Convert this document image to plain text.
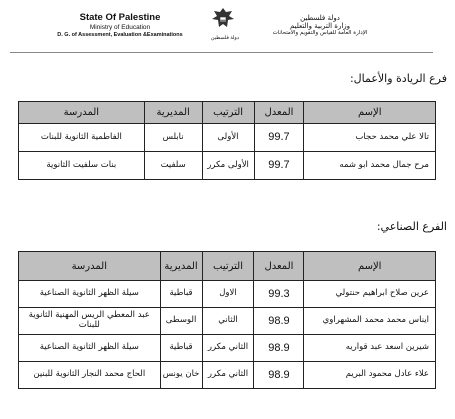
State Of Palestine
Ministry of Education
D. G. of Assessment, Evaluation &Examinations	دولة فلسطين
دولة فلسطين
وزارة التربية والتعليم
الإدارة العامة للقياس والتقويم والامتحانات
فرع الريادة والأعمال:
الإسم	المعدل	الترتيب	المديرية	المدرسة
تالا علي محمد حجاب	99.7	الأولى	نابلس	الفاطمية الثانوية للبنات
مرح جمال محمد ابو شمه	99.7	الأولى مكرر	سلفيت	بنات سلفيت الثانوية
الفرع الصناعي:
الإسم	المعدل	الترتيب	المديرية	المدرسة
عرين صلاح ابراهيم حنتولي	99.3	الاول	قباطية	سيلة الظهر الثانوية الصناعية
ايناس محمد محمد المشهراوي	98.9	الثاني	الوسطى	عبد المعطي الريس المهنية الثانوية للبنات
شيرين اسعد عبد قواريه	98.9	الثاني مكرر	قباطية	سيلة الظهر الثانوية الصناعية
علاء عادل محمود البريم	98.9	الثاني مكرر	خان يونس	الحاج محمد النجار الثانوية للبنين
